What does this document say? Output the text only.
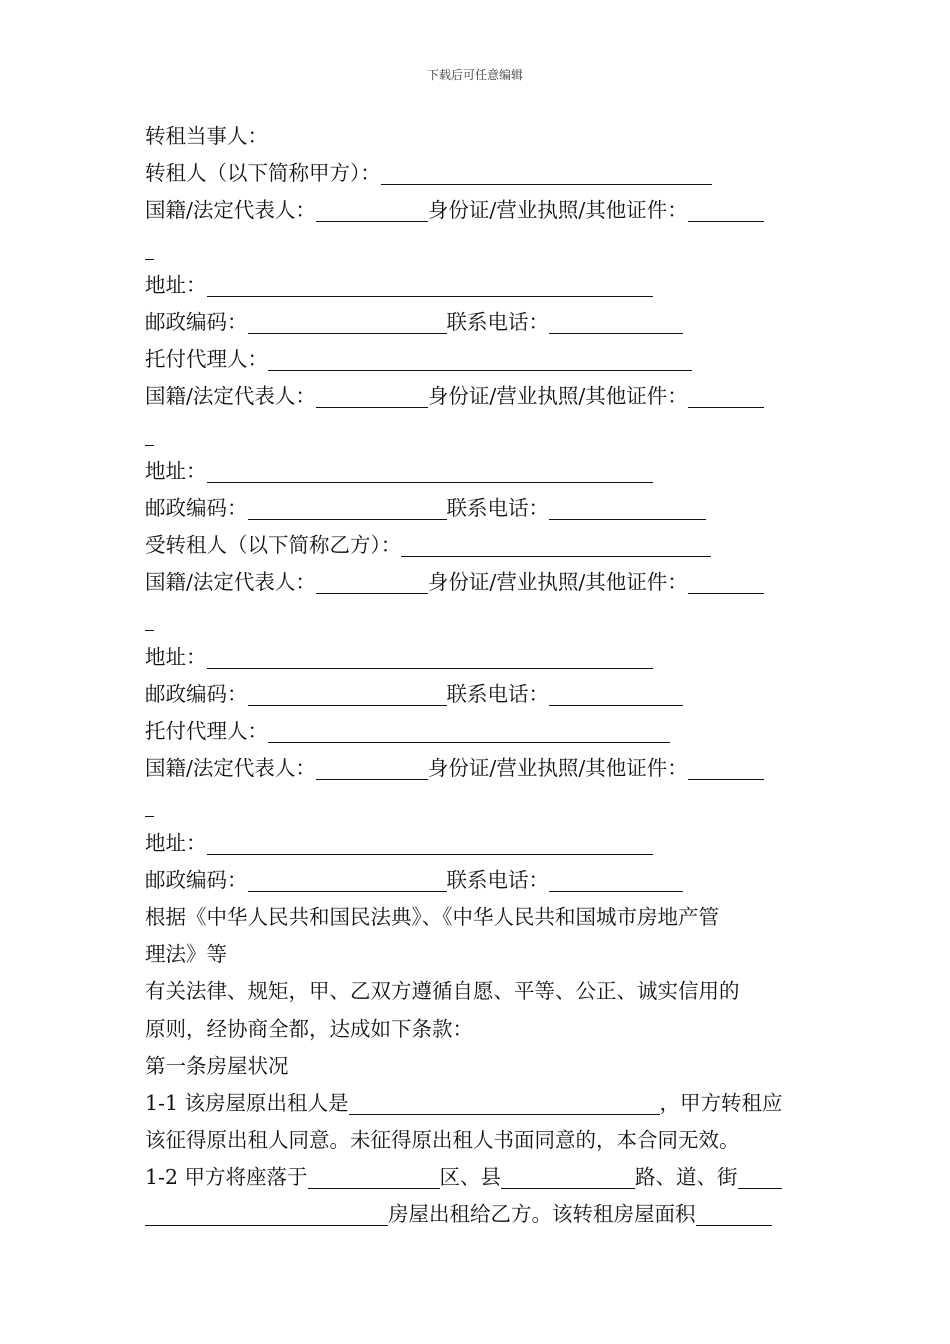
下载后可任意编辑
转租当事人：
转租人（以下简称甲方）：
国籍/法定代表人：	身份证/营业执照/其他证件：
地址：
邮政编码：	联系电话：
托付代理人：
国籍/法定代表人：	身份证/营业执照/其他证件：
地址：
邮政编码：	联系电话：
受转租人（以下简称乙方）：
国籍/法定代表人：	身份证/营业执照/其他证件：
地址：
邮政编码：	联系电话：
托付代理人：
国籍/法定代表人：	身份证/营业执照/其他证件：
地址：
邮政编码：	联系电话：
根据《中华人民共和国民法典》、《中华人民共和国城市房地产管
理法》等
有关法律、规矩，甲、乙双方遵循自愿、平等、公正、诚实信用的
原则，经协商全都，达成如下条款：
第一条房屋状况
1-1 该房屋原出租人是	，甲方转租应
该征得原出租人同意。未征得原出租人书面同意的，本合同无效。
1-2 甲方将座落于	区、县	路、道、街
房屋出租给乙方。该转租房屋面积
